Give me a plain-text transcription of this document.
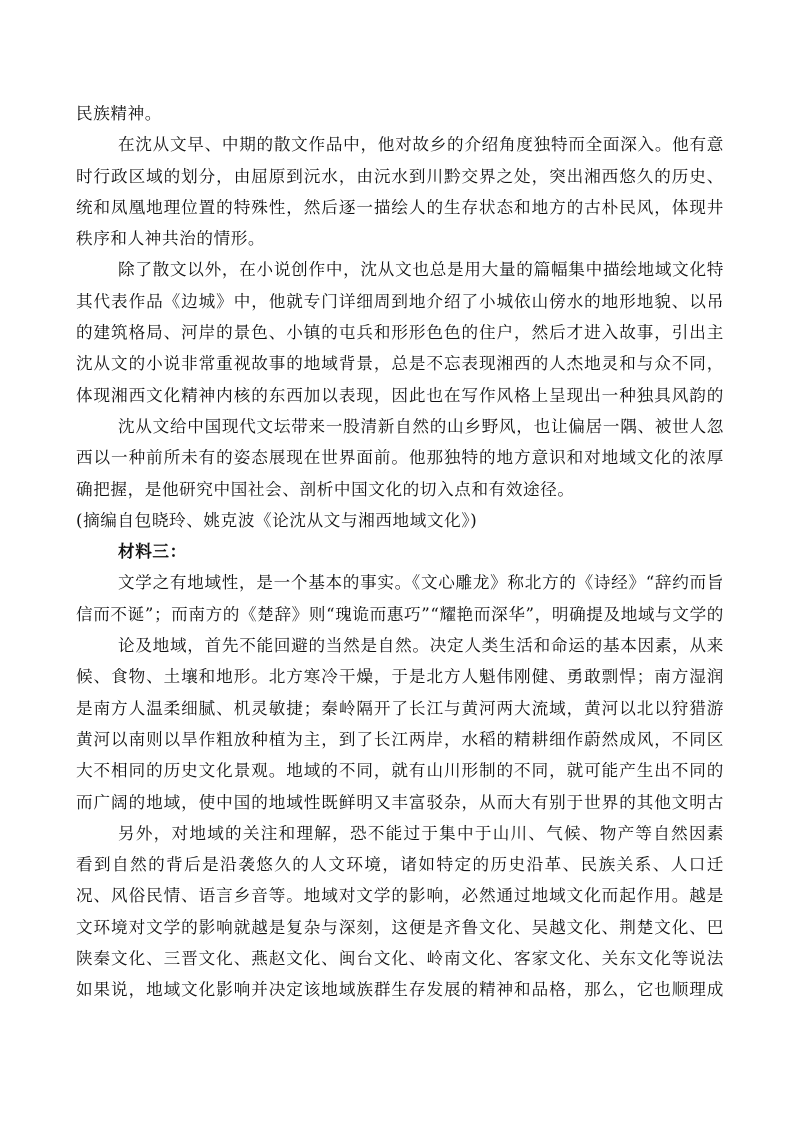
民族精神。
在沈从文早、中期的散文作品中，他对故乡的介绍角度独特而全面深入。他有意
时行政区域的划分，由屈原到沅水，由沅水到川黔交界之处，突出湘西悠久的历史、
统和凤凰地理位置的特殊性，然后逐一描绘人的生存状态和地方的古朴民风，体现井
秩序和人神共治的情形。
除了散文以外，在小说创作中，沈从文也总是用大量的篇幅集中描绘地域文化特
其代表作品《边城》中，他就专门详细周到地介绍了小城依山傍水的地形地貌、以吊
的建筑格局、河岸的景色、小镇的屯兵和形形色色的住户，然后才进入故事，引出主
沈从文的小说非常重视故事的地域背景，总是不忘表现湘西的人杰地灵和与众不同，
体现湘西文化精神内核的东西加以表现，因此也在写作风格上呈现出一种独具风韵的
沈从文给中国现代文坛带来一股清新自然的山乡野风，也让偏居一隅、被世人忽
西以一种前所未有的姿态展现在世界面前。他那独特的地方意识和对地域文化的浓厚
确把握，是他研究中国社会、剖析中国文化的切入点和有效途径。
(摘编自包晓玲、姚克波《论沈从文与湘西地域文化》)
材料三：
文学之有地域性，是一个基本的事实。《文心雕龙》称北方的《诗经》“辞约而旨
信而不诞”；而南方的《楚辞》则“瑰诡而惠巧”“耀艳而深华”，明确提及地域与文学的
论及地域，首先不能回避的当然是自然。决定人类生活和命运的基本因素，从来
候、食物、土壤和地形。北方寒冷干燥，于是北方人魁伟刚健、勇敢剽悍；南方湿润
是南方人温柔细腻、机灵敏捷；秦岭隔开了长江与黄河两大流域，黄河以北以狩猎游
黄河以南则以旱作粗放种植为主，到了长江两岸，水稻的精耕细作蔚然成风，不同区
大不相同的历史文化景观。地域的不同，就有山川形制的不同，就可能产生出不同的
而广阔的地域，使中国的地域性既鲜明又丰富驳杂，从而大有别于世界的其他文明古
另外，对地域的关注和理解，恐不能过于集中于山川、气候、物产等自然因素
看到自然的背后是沿袭悠久的人文环境，诸如特定的历史沿革、民族关系、人口迁
况、风俗民情、语言乡音等。地域对文学的影响，必然通过地域文化而起作用。越是
文环境对文学的影响就越是复杂与深刻，这便是齐鲁文化、吴越文化、荆楚文化、巴
陕秦文化、三晋文化、燕赵文化、闽台文化、岭南文化、客家文化、关东文化等说法
如果说，地域文化影响并决定该地域族群生存发展的精神和品格，那么，它也顺理成
